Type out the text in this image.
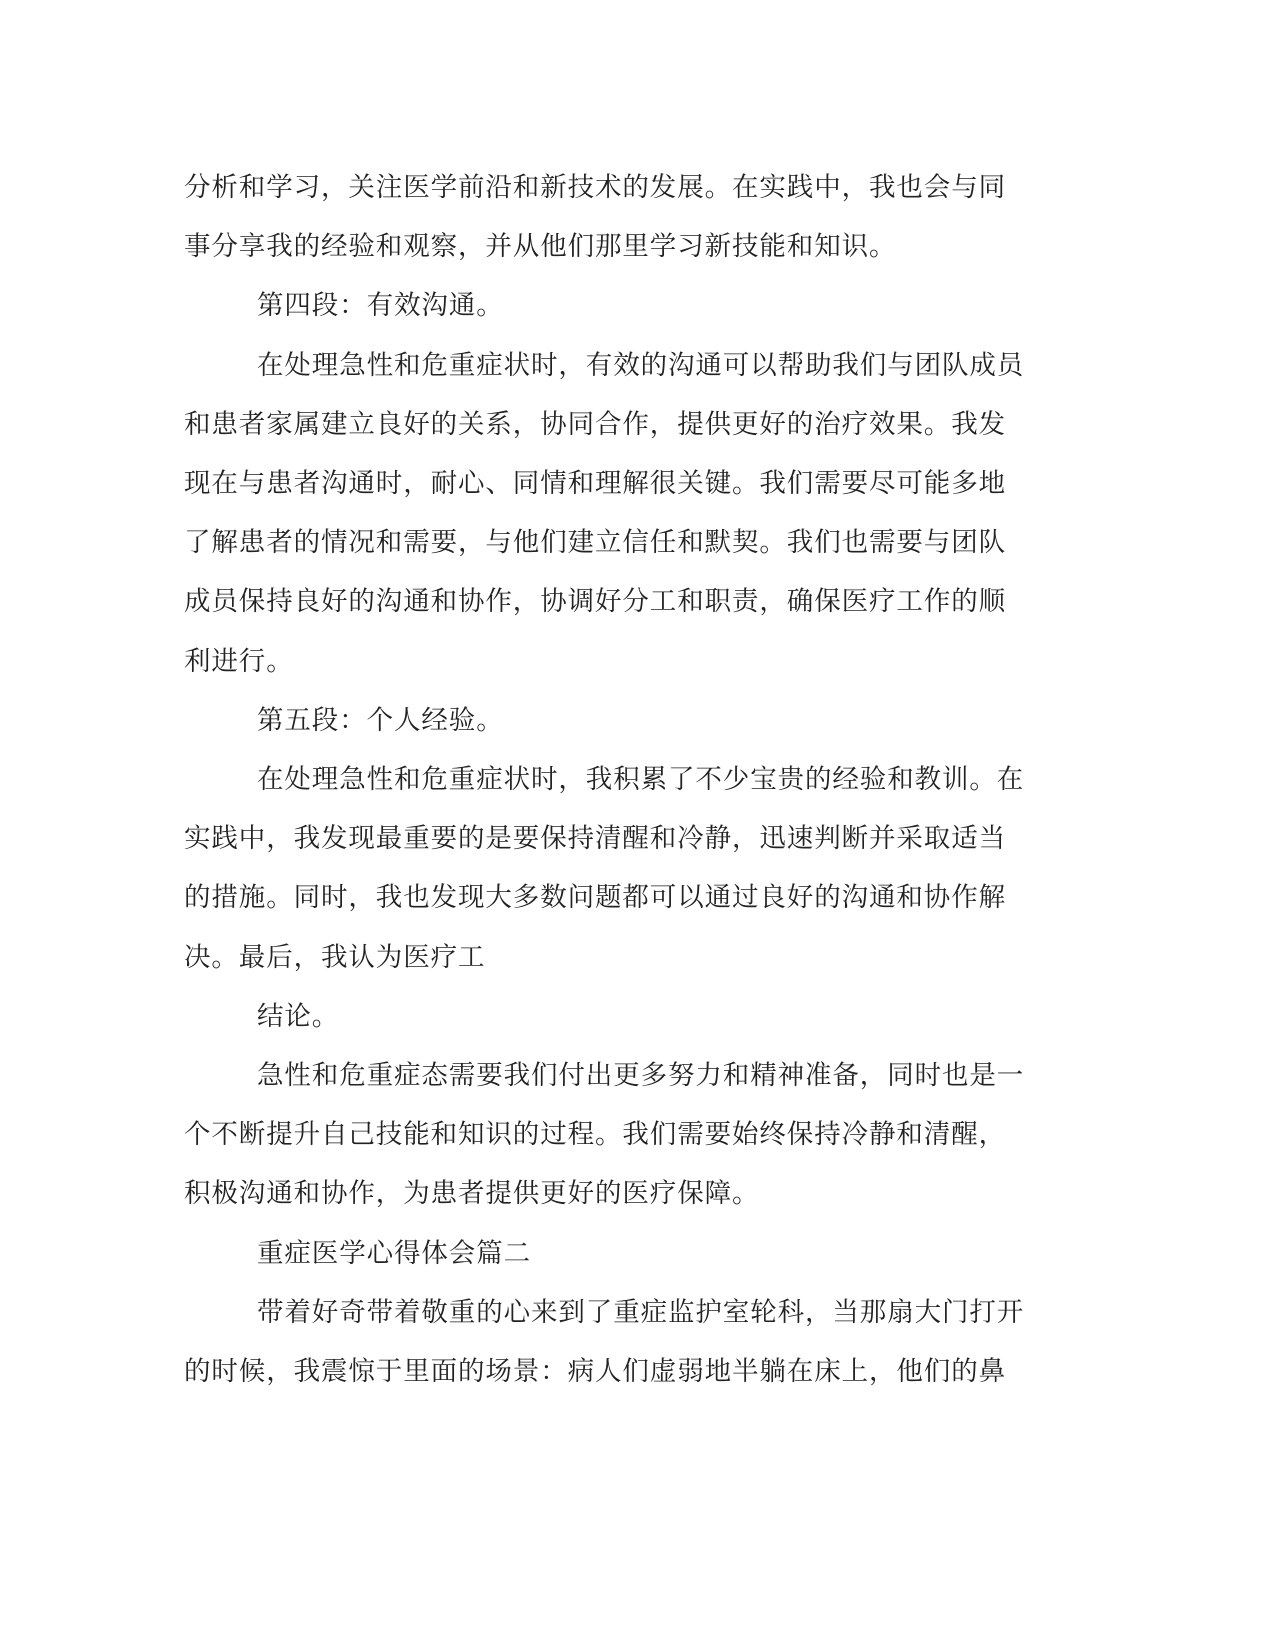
分析和学习，关注医学前沿和新技术的发展。在实践中，我也会与同
事分享我的经验和观察，并从他们那里学习新技能和知识。

第四段：有效沟通。

在处理急性和危重症状时，有效的沟通可以帮助我们与团队成员
和患者家属建立良好的关系，协同合作，提供更好的治疗效果。我发
现在与患者沟通时，耐心、同情和理解很关键。我们需要尽可能多地
了解患者的情况和需要，与他们建立信任和默契。我们也需要与团队
成员保持良好的沟通和协作，协调好分工和职责，确保医疗工作的顺
利进行。

第五段：个人经验。

在处理急性和危重症状时，我积累了不少宝贵的经验和教训。在
实践中，我发现最重要的是要保持清醒和冷静，迅速判断并采取适当
的措施。同时，我也发现大多数问题都可以通过良好的沟通和协作解
决。最后，我认为医疗工

结论。

急性和危重症态需要我们付出更多努力和精神准备，同时也是一
个不断提升自己技能和知识的过程。我们需要始终保持冷静和清醒，
积极沟通和协作，为患者提供更好的医疗保障。

重症医学心得体会篇二

带着好奇带着敬重的心来到了重症监护室轮科，当那扇大门打开
的时候，我震惊于里面的场景：病人们虚弱地半躺在床上，他们的鼻
